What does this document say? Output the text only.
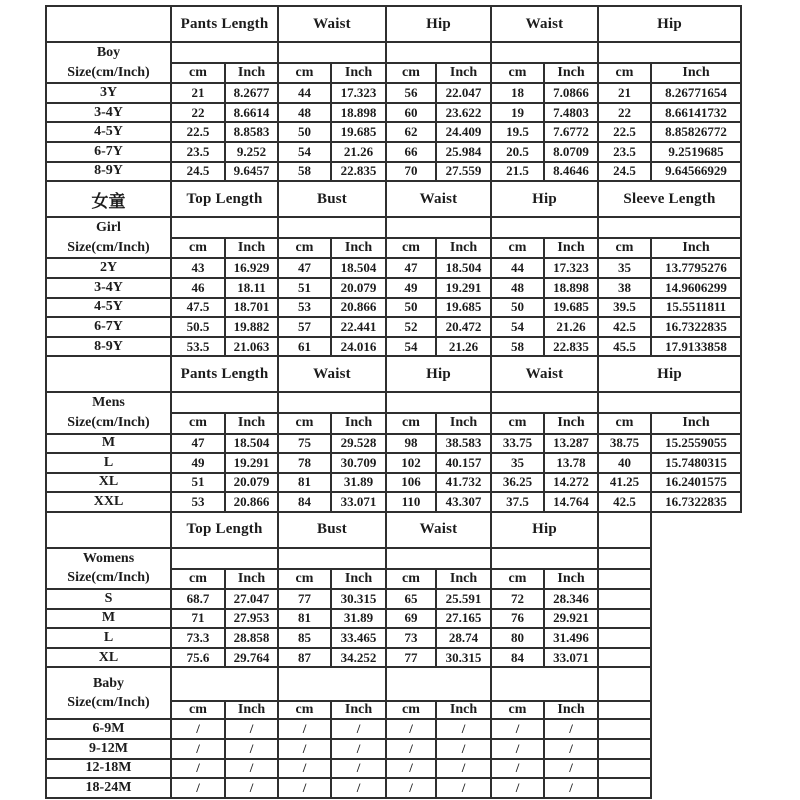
	Pants Length		Waist		Hip		Waist		Hip	

Boy
Size(cm/Inch)										

	cm	Inch	cm	Inch	cm	Inch	cm	Inch	cm	Inch
3Y	21	8.2677	44	17.323	56	22.047	18	7.0866	21	8.26771654
3-4Y	22	8.6614	48	18.898	60	23.622	19	7.4803	22	8.66141732
4-5Y	22.5	8.8583	50	19.685	62	24.409	19.5	7.6772	22.5	8.85826772
6-7Y	23.5	9.252	54	21.26	66	25.984	20.5	8.0709	23.5	9.2519685
8-9Y	24.5	9.6457	58	22.835	70	27.559	21.5	8.4646	24.5	9.64566929
女童	Top Length		Bust		Waist		Hip		Sleeve Length	

Girl
Size(cm/Inch)										

	cm	Inch	cm	Inch	cm	Inch	cm	Inch	cm	Inch
2Y	43	16.929	47	18.504	47	18.504	44	17.323	35	13.7795276
3-4Y	46	18.11	51	20.079	49	19.291	48	18.898	38	14.9606299
4-5Y	47.5	18.701	53	20.866	50	19.685	50	19.685	39.5	15.5511811
6-7Y	50.5	19.882	57	22.441	52	20.472	54	21.26	42.5	16.7322835
8-9Y	53.5	21.063	61	24.016	54	21.26	58	22.835	45.5	17.9133858
	Pants Length		Waist		Hip		Waist		Hip	

Mens
Size(cm/Inch)										

	cm	Inch	cm	Inch	cm	Inch	cm	Inch	cm	Inch
M	47	18.504	75	29.528	98	38.583	33.75	13.287	38.75	15.2559055
L	49	19.291	78	30.709	102	40.157	35	13.78	40	15.7480315
XL	51	20.079	81	31.89	106	41.732	36.25	14.272	41.25	16.2401575
XXL	53	20.866	84	33.071	110	43.307	37.5	14.764	42.5	16.7322835
	Top Length		Bust		Waist		Hip			

Womens
Size(cm/Inch)										

	cm	Inch	cm	Inch	cm	Inch	cm	Inch		
S	68.7	27.047	77	30.315	65	25.591	72	28.346		
M	71	27.953	81	31.89	69	27.165	76	29.921		
L	73.3	28.858	85	33.465	73	28.74	80	31.496		
XL	75.6	29.764	87	34.252	77	30.315	84	33.071		

Baby
Size(cm/Inch)										

	cm	Inch	cm	Inch	cm	Inch	cm	Inch		
6-9M	/	/	/	/	/	/	/	/		
9-12M	/	/	/	/	/	/	/	/		
12-18M	/	/	/	/	/	/	/	/		
18-24M	/	/	/	/	/	/	/	/		
